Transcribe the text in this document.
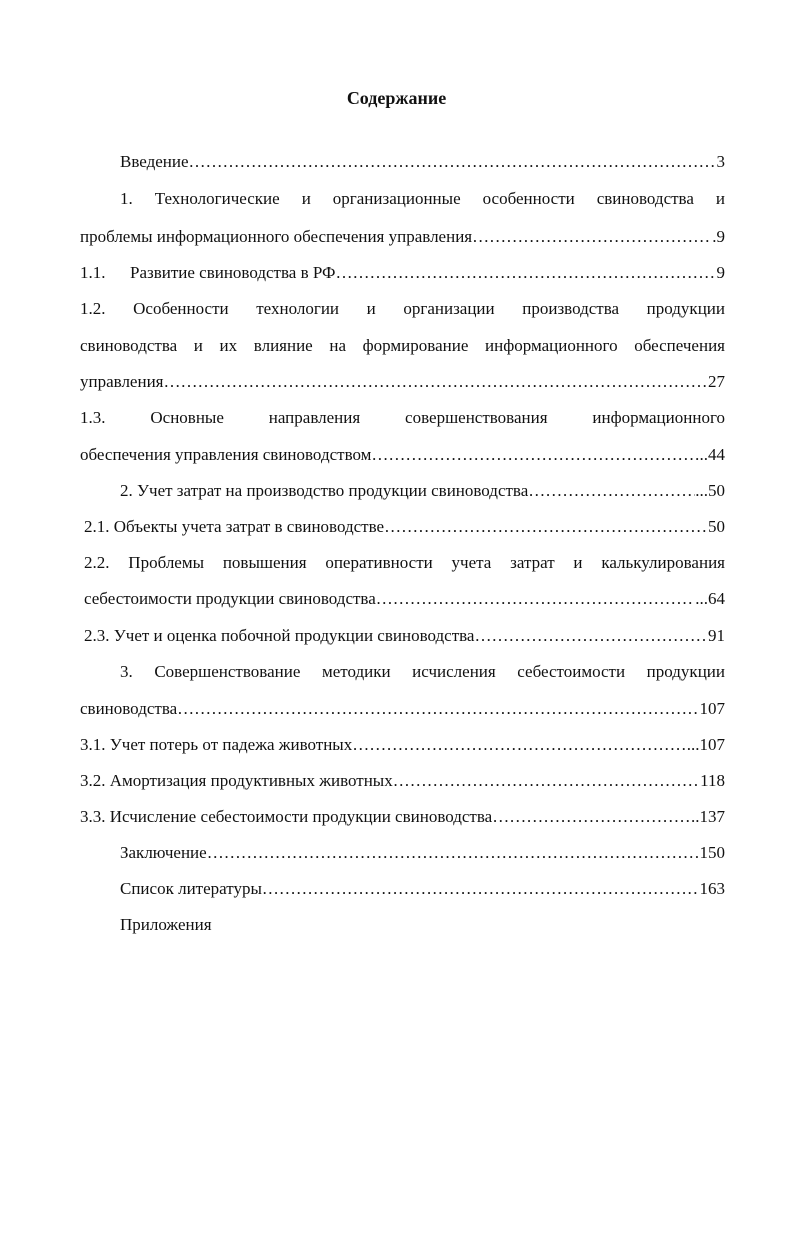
Содержание
Введение …………………………………………………………………………………………………………………………………………………………………………………………………………	3
1. Технологические и организационные особенности свиноводства и
проблемы информационного обеспечения управления …………………………………………………………………………………………………………………………………………………………………………………………………………	.9
1.1.	Развитие свиноводства в РФ …………………………………………………………………………………………………………………………………………………………………………………………………………	9
1.2. Особенности технологии и организации производства продукции
свиноводства и их влияние на формирование информационного обеспечения
управления …………………………………………………………………………………………………………………………………………………………………………………………………………	27
1.3. Основные направления совершенствования информационного
обеспечения управления свиноводством …………………………………………………………………………………………………………………………………………………………………………………………………………	..44
2. Учет затрат на производство продукции свиноводства …………………………………………………………………………………………………………………………………………………………………………………………………………	...50
2.1. Объекты учета затрат в свиноводстве …………………………………………………………………………………………………………………………………………………………………………………………………………	50
2.2. Проблемы повышения оперативности учета затрат и калькулирования
себестоимости продукции свиноводства …………………………………………………………………………………………………………………………………………………………………………………………………………	...64
2.3. Учет и оценка побочной продукции свиноводства …………………………………………………………………………………………………………………………………………………………………………………………………………	91
3. Совершенствование методики исчисления себестоимости продукции
свиноводства …………………………………………………………………………………………………………………………………………………………………………………………………………	107
3.1. Учет потерь от падежа животных …………………………………………………………………………………………………………………………………………………………………………………………………………	...107
3.2. Амортизация продуктивных животных …………………………………………………………………………………………………………………………………………………………………………………………………………	118
3.3. Исчисление себестоимости продукции свиноводства …………………………………………………………………………………………………………………………………………………………………………………………………………	..137
Заключение …………………………………………………………………………………………………………………………………………………………………………………………………………	150
Список литературы …………………………………………………………………………………………………………………………………………………………………………………………………………	163
Приложения
